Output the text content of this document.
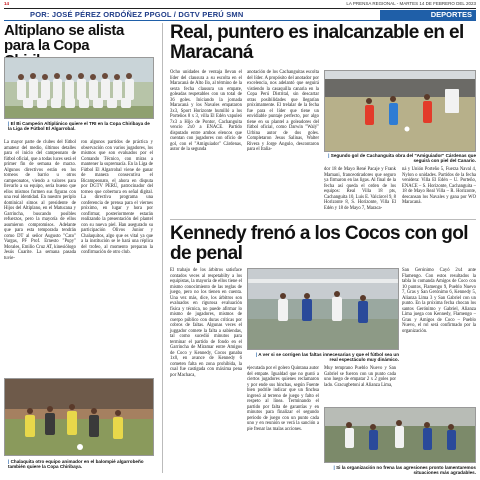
14	LA PRENSA REGIONAL - MARTES 14 DE FEBRERO DEL 2023
POR: JOSÉ PÉREZ ORDÓÑEZ PPGOL / DGTV PERÚ SMN	DEPORTES
Altiplano se alista para la Copa
| El Bi Campeón Altiplánico quiere el TRI en la Copa Chiribaya de la Liga de Fútbol El Algarrobal.
La mayor parte de clubes del fútbol amateur del medio, últimos detalles para el inicio del campeonato de fútbol oficial, que a todas luces será el primer fin de semana de marzo. Algunos directivos están en los torneos de barrio u otros campeonatos, viendo a valores para llevarlo a su equipo, sería bueno que ellos mismos formen sus figuras con una real identidad. En nuestro periplo dominical simos al presidente de Hijos del Altiplano, en el Matucana y Garrincha, buscando posibles refuerzos, pero la mayoría de ellos asumieron compromisos. Adelante que para esta temporada tendrán como DT al señor Augusto "Cato" Vargas, PF Prof. Ernesto "Pupy" Morales, Emilio Cruz AT, kinesiólogo Jesús Cuarite. La semana pasada tuvie-
ron algunos partidos de práctica y observación con varios jugadores, los mismos que son evaluados por el Comando Técnico, con miras a mantener la supremacía. En la Liga de Fútbol El Algarrobal viene de ganar de manera consecutiva el Bicampeonato, el ahora en disputa por DGTV PERÚ, patrocinador del torneo que cobertura en señal digital. La directiva programa una conferencia de prensa para el viernes próximo, en lugar y hora por confirmar, posteriormente estarán realizando la presentación del plantel con su nueva piel. Han asegurado su participación Olivos Junior y Chalaquitos, algo que es vital ya que a la institución se le hará una réplica del trofeo, al momento preparan la confirmación de otro club.
| Chalaquita otro equipo animador en el balompié algarrobeño también quiere la Copa Chiribaya.
Real, puntero es inalcanzable en el Maracaná
Ocho unidades de ventaja llevan el líder del clausura a su escolta en el Maracaná de Alto Ilo, al término de la sexta fecha clausura un empate, goleadas respetables con un total de 36 goles. Iniciando la jornada Maracaná y los Navales empataron 3x3, Sport Horizonte humilló a los Porteños 8 x 3, villa El Edén vapuleó 7x3 a Hijo de Pontor, Cachanguita vencio 2x0 a ENACE. Partido disputado entre ambos elencos que cuentan con jugadores con oficio de gol, con el "Amiguiador" Cárdenas, autor de la segunda
anotación de los Cachanguitas escolta del líder. A propósito del anotador por excelencia, nos adelantó que seguirá vistiendo la casaquilla canaria en la Copa Perú Distrital, sin descartar otras posibilidades que llegarían próximamente. El trelalar de la fecha fue para el líder que tiene un envidiable puntaje perfecto, por algo tiene en su plantel a goleadores del fútbol oficial, como Darwin "Walý" Urbina autor de dos goles. Completaron Jesus Salinas, Walter Rivera y Jorge Angulo, descontaron para el Italia-
| Segundo gol de Cachanguita obra del "Amiguiador" Cárdenas que seguirá con piel del Canario.
dor 18 de Mayo René Pacaje y Frank Mamani, franceotiradores que seguro ya firmaron en las ligas. Al final de la fecha así queda el orden de los equipos: Real Villa 18 pts, Cachanguita 10, Luis E. Valcárcel 9, 8 Horizonte 8, S. Horizonte, Villa El Edén y 18 de Mayo 7, Maraca-
ná y Unión Porteño 5, Fuerza Naval 4, Nylon o unidades. Partidos de la fecha venidera: Villa El Edén – U. Porteño, ENACE – S. Horizonte, Cachanguita – 18 de Mayo Real Villa – R. Horizonte, descansan los Navales y gana por WO Maracaná.
Kennedy frenó a los Cocos con gol de penal
El trabajo de los árbitros satisface contados veces al respetabilty a los equipistas, la mayoría de ellos tiene el mismo conocimiento de las reglas de juego, pero no los tienen en cuenta. Una vez más, dice, los árbitros son evaluados en rigurosa evaluación física y técnica, no puede afirmar lo mismo de jugadores, mismos de cuerpo público con duras críticas por cobros de faltas. Algunas veces el juggador comete la falta a sabiendas, tal como sucedió minutos para terminar el partido de fondo en el Garrincha de Miramar entre Amigos de Coco y Kennedy, Cocos ganaba 1x0, en avance de Kennedy 6 cometen falta en zona prohibida, la cual fue castigada con máxima pena por Machaca,
| A ver si se corrigen las faltas innecesarias y que el fútbol sea un real espectáculo muy dinámico.
ejecutada por el golero Quintana autor del empate. Igualdad que no gustó a ciertos jugadores quienes reclamaron y por ende sus hinchas, según Fuente bien podrile indicar que un finchsa ingresó al terreno de juego y falto el respeto al línea. Terminando el partido por falta de garantías y en minutos para finalizar el segundo periodo de juego con un punto cada uno y en reunión se verá la sanción a pie frenar las malas acciones.
Muy temprano Pueblo Nuevo y San Gabriel se fueron con un punto cada uno luego de empatar 2 x 2 goles por lado. Gracugbetoni al Alianza Lima,
San Gerónimo Cayó 2x4 ante Flamengo. Con estos resultados la tabla lo comanda Amigos de Coco con 10 puntos, Flamengo 9, Pueblo Nuevo 7, Gras y San Gerónimo 6, Kennedy 5, Alianza Lima 3 y San Gabriel con un punto. En la próxima fecha chocan los santos Gerónimo y Gabriel, Alianza Lima juega con Kennedy, Flamengo – Grau y Amigos de Coco – Pueblo Nuevo, el rol será confirmado por la organización.
| Si la organización no frena las agresiones pronto lamentaremos situaciones más agradables.
